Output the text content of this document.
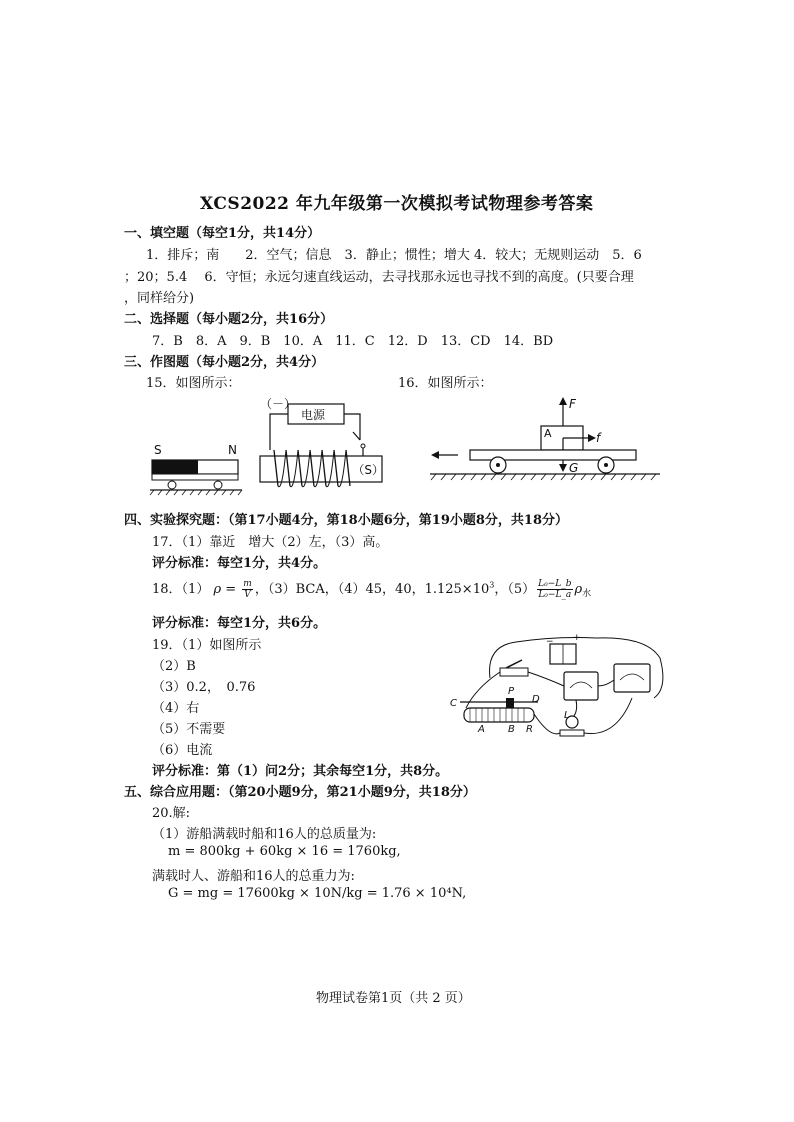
XCS2022 年九年级第一次模拟考试物理参考答案
一、填空题（每空1分，共14分）
1．排斥；南　　2．空气；信息　3．静止；惯性；增大 4．较大；无规则运动　5．6
；20；5.4　 6．守恒；永远匀速直线运动，去寻找那永远也寻找不到的高度。(只要合理
，同样给分)
二、选择题（每小题2分，共16分）
7．B　8．A　9．B　10．A　11．C　12．D　13．CD　14．BD
三、作图题（每小题2分，共4分）
15．如图所示：	16．如图所示：
（－）
电源
（S）
S	N
F
A	f
G
四、实验探究题：（第17小题4分，第18小题6分，第19小题8分，共18分）
17．（1）靠近　增大（2）左，（3）高。
评分标准：每空1分，共4分。
18．（1） $\rho = \frac{m}{V}$ ，（3）BCA，（4）45，40，$1.125\times 10^3$，$(5) \frac{\text{L₀−L\_b}}{\text{L₀−L\_a}} \rho_水$
评分标准：每空1分，共6分。
19．（1）如图所示
（2）B
（3）0.2，　0.76
（4）右
（5）不需要
（6）电流
− +
C	D
P
A B R
L
评分标准：第（1）问2分；其余每空1分，共8分。
五、综合应用题：（第20小题9分，第21小题9分，共18分）
20.解:
（1）游船满载时船和16人的总质量为:
m = 800kg + 60kg × 16 = 1760kg,
满载时人、游船和16人的总重力为:
G = mg = 17600kg × 10N/kg = 1.76 × 10⁴N,
物理试卷第1页（共 2 页）
